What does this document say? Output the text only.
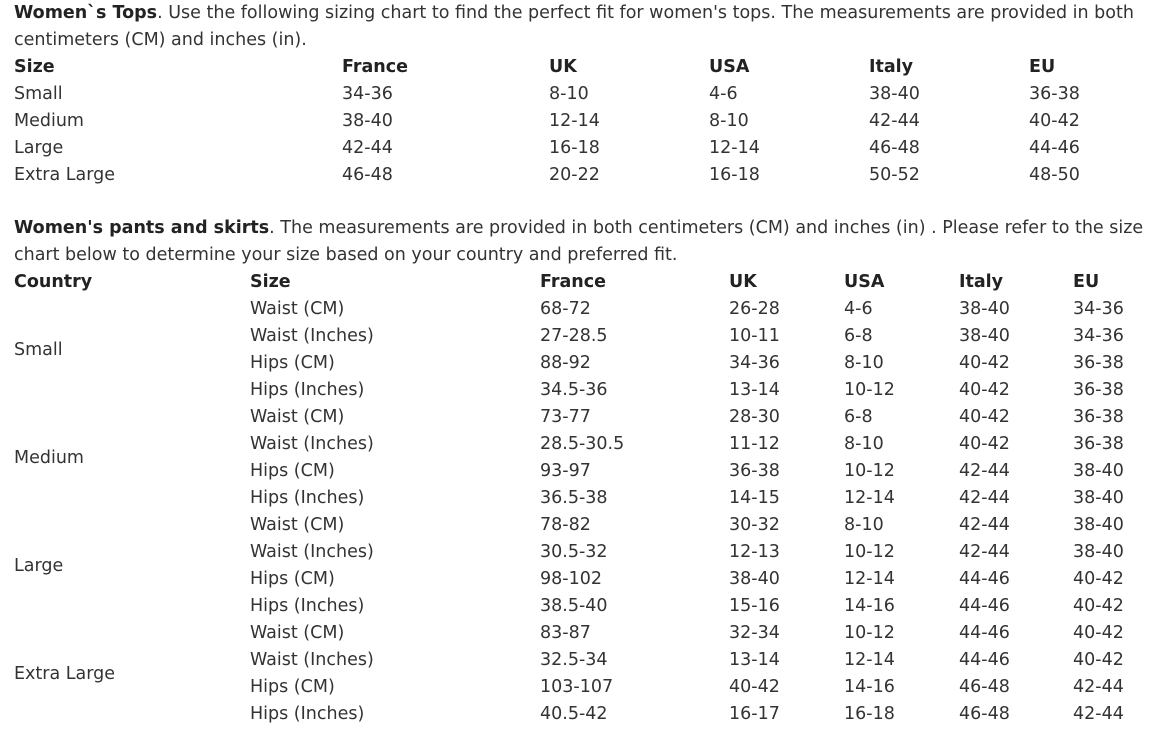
Women`s Tops. Use the following sizing chart to find the perfect fit for women's tops. The measurements are provided in both centimeters (CM) and inches (in).

Size	France	UK	USA	Italy	EU
Small	34-36	8-10	4-6	38-40	36-38
Medium	38-40	12-14	8-10	42-44	40-42
Large	42-44	16-18	12-14	46-48	44-46
Extra Large	46-48	20-22	16-18	50-52	48-50

Women's pants and skirts. The measurements are provided in both centimeters (CM) and inches (in) . Please refer to the size chart below to determine your size based on your country and preferred fit.

Country	Size	France	UK	USA	Italy	EU
Small	Waist (CM)	68-72	26-28	4-6	38-40	34-36
	Waist (Inches)	27-28.5	10-11	6-8	38-40	34-36
	Hips (CM)	88-92	34-36	8-10	40-42	36-38
	Hips (Inches)	34.5-36	13-14	10-12	40-42	36-38
Medium	Waist (CM)	73-77	28-30	6-8	40-42	36-38
	Waist (Inches)	28.5-30.5	11-12	8-10	40-42	36-38
	Hips (CM)	93-97	36-38	10-12	42-44	38-40
	Hips (Inches)	36.5-38	14-15	12-14	42-44	38-40
Large	Waist (CM)	78-82	30-32	8-10	42-44	38-40
	Waist (Inches)	30.5-32	12-13	10-12	42-44	38-40
	Hips (CM)	98-102	38-40	12-14	44-46	40-42
	Hips (Inches)	38.5-40	15-16	14-16	44-46	40-42
Extra Large	Waist (CM)	83-87	32-34	10-12	44-46	40-42
	Waist (Inches)	32.5-34	13-14	12-14	44-46	40-42
	Hips (CM)	103-107	40-42	14-16	46-48	42-44
	Hips (Inches)	40.5-42	16-17	16-18	46-48	42-44
